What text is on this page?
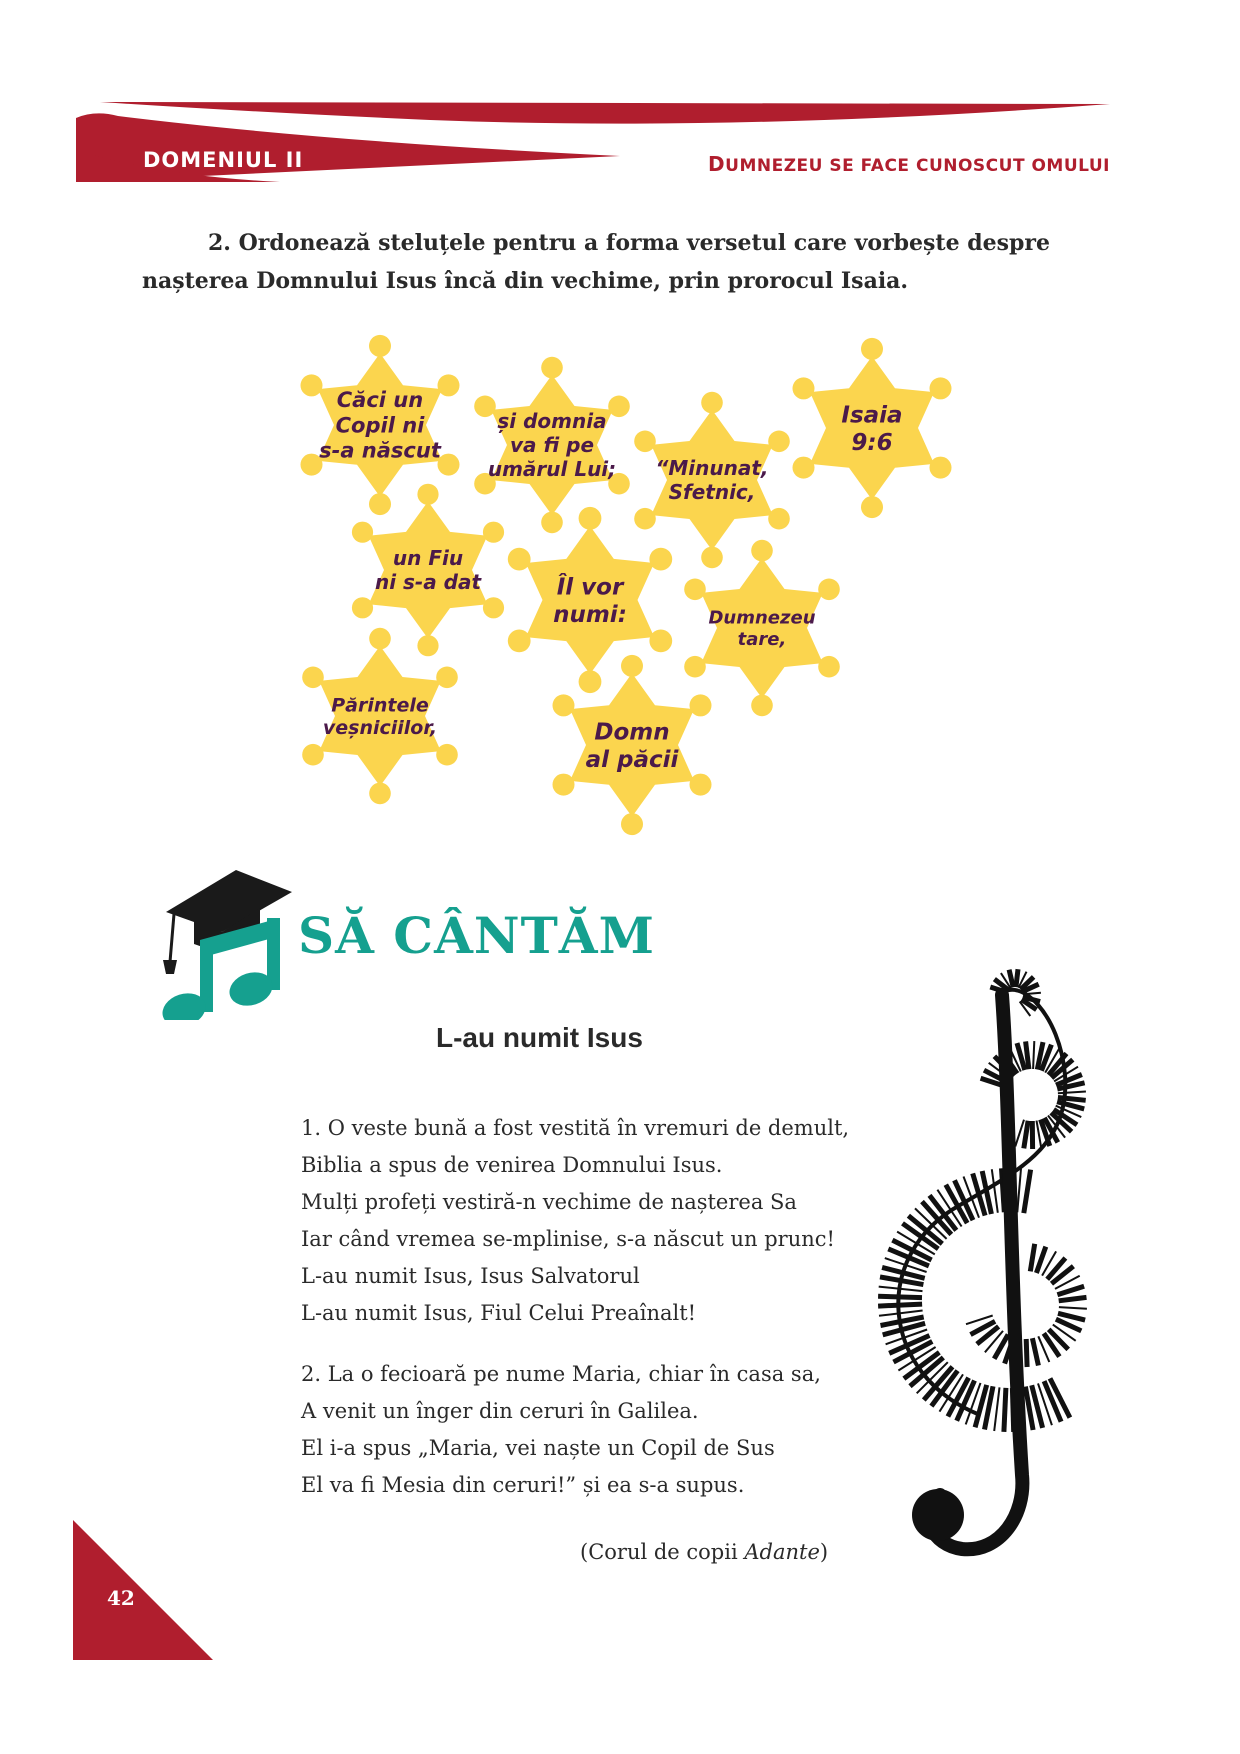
DOMENIUL II	DUMNEZEU SE FACE CUNOSCUT OMULUI
2. Ordonează steluțele pentru a forma versetul care vorbește despre nașterea Domnului Isus încă din vechime, prin prorocul Isaia.
Căci un
Copil ni
s-a născut
și domnia
va fi pe
umărul Lui; “Minunat,
Sfetnic,
Isaia
9:6
un Fiu
ni s-a dat	Îl vor
numi:	Dumnezeu
tare,
Părintele
veșniciilor,	Domn
al păcii
SĂ CÂNTĂM
L-au numit Isus
1. O veste bună a fost vestită în vremuri de demult,
Biblia a spus de venirea Domnului Isus.
Mulți profeți vestiră-n vechime de nașterea Sa
Iar când vremea se-mplinise, s-a născut un prunc!
L-au numit Isus, Isus Salvatorul
L-au numit Isus, Fiul Celui Preaînalt!
2. La o fecioară pe nume Maria, chiar în casa sa,
A venit un înger din ceruri în Galilea.
El i-a spus „Maria, vei naște un Copil de Sus
El va fi Mesia din ceruri!” și ea s-a supus.
(Corul de copii Adante)
42
